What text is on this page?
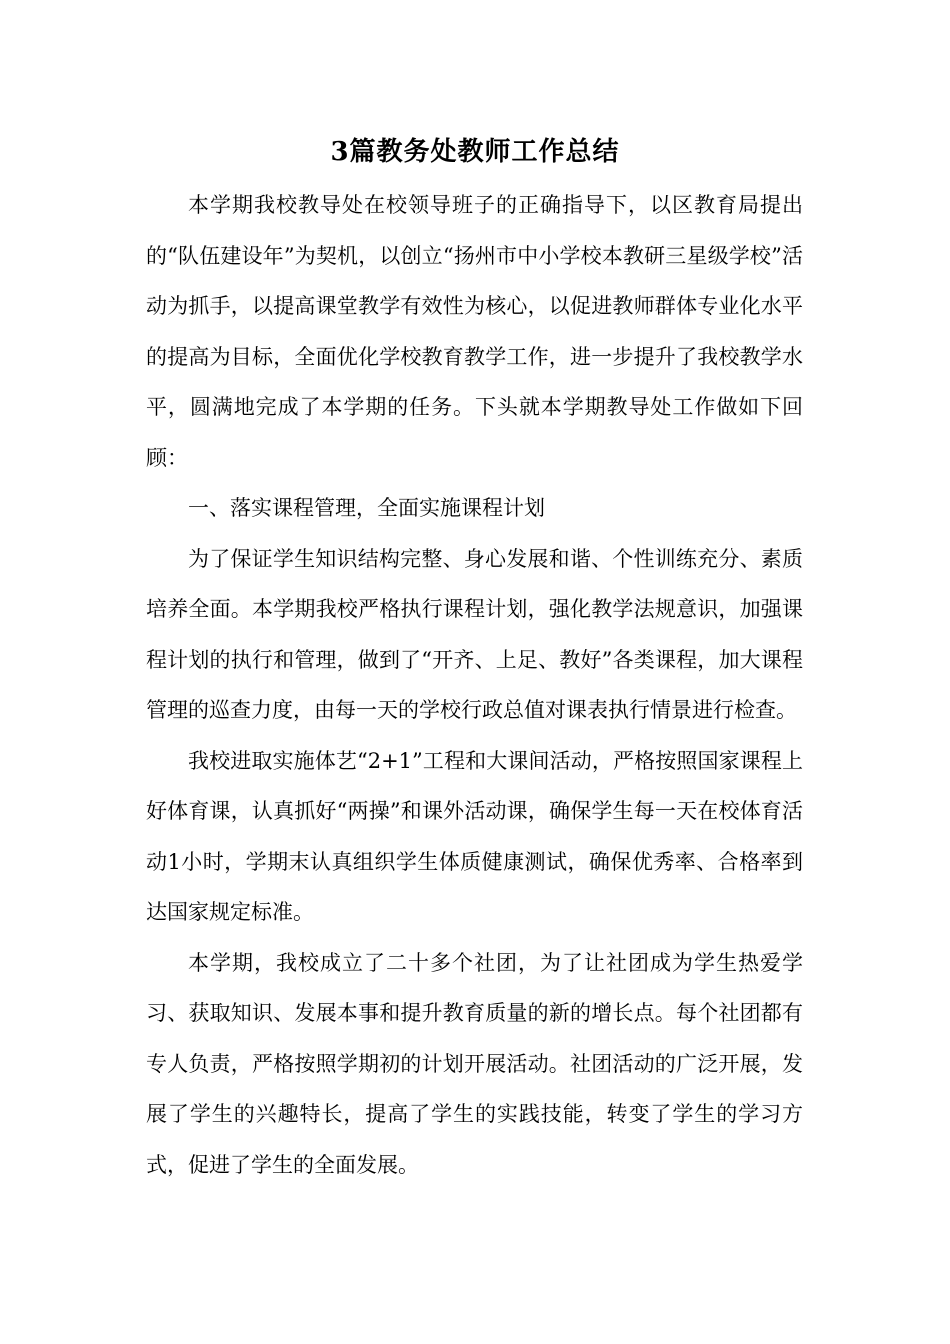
3篇教务处教师工作总结

本学期我校教导处在校领导班子的正确指导下，以区教育局提出的“队伍建设年”为契机，以创立“扬州市中小学校本教研三星级学校”活动为抓手，以提高课堂教学有效性为核心，以促进教师群体专业化水平的提高为目标，全面优化学校教育教学工作，进一步提升了我校教学水平，圆满地完成了本学期的任务。下头就本学期教导处工作做如下回顾：

一、落实课程管理，全面实施课程计划

为了保证学生知识结构完整、身心发展和谐、个性训练充分、素质培养全面。本学期我校严格执行课程计划，强化教学法规意识，加强课程计划的执行和管理，做到了“开齐、上足、教好”各类课程，加大课程管理的巡查力度，由每一天的学校行政总值对课表执行情景进行检查。

我校进取实施体艺“2+1”工程和大课间活动，严格按照国家课程上好体育课，认真抓好“两操”和课外活动课，确保学生每一天在校体育活动1小时，学期末认真组织学生体质健康测试，确保优秀率、合格率到达国家规定标准。

本学期，我校成立了二十多个社团，为了让社团成为学生热爱学习、获取知识、发展本事和提升教育质量的新的增长点。每个社团都有专人负责，严格按照学期初的计划开展活动。社团活动的广泛开展，发展了学生的兴趣特长，提高了学生的实践技能，转变了学生的学习方式，促进了学生的全面发展。
